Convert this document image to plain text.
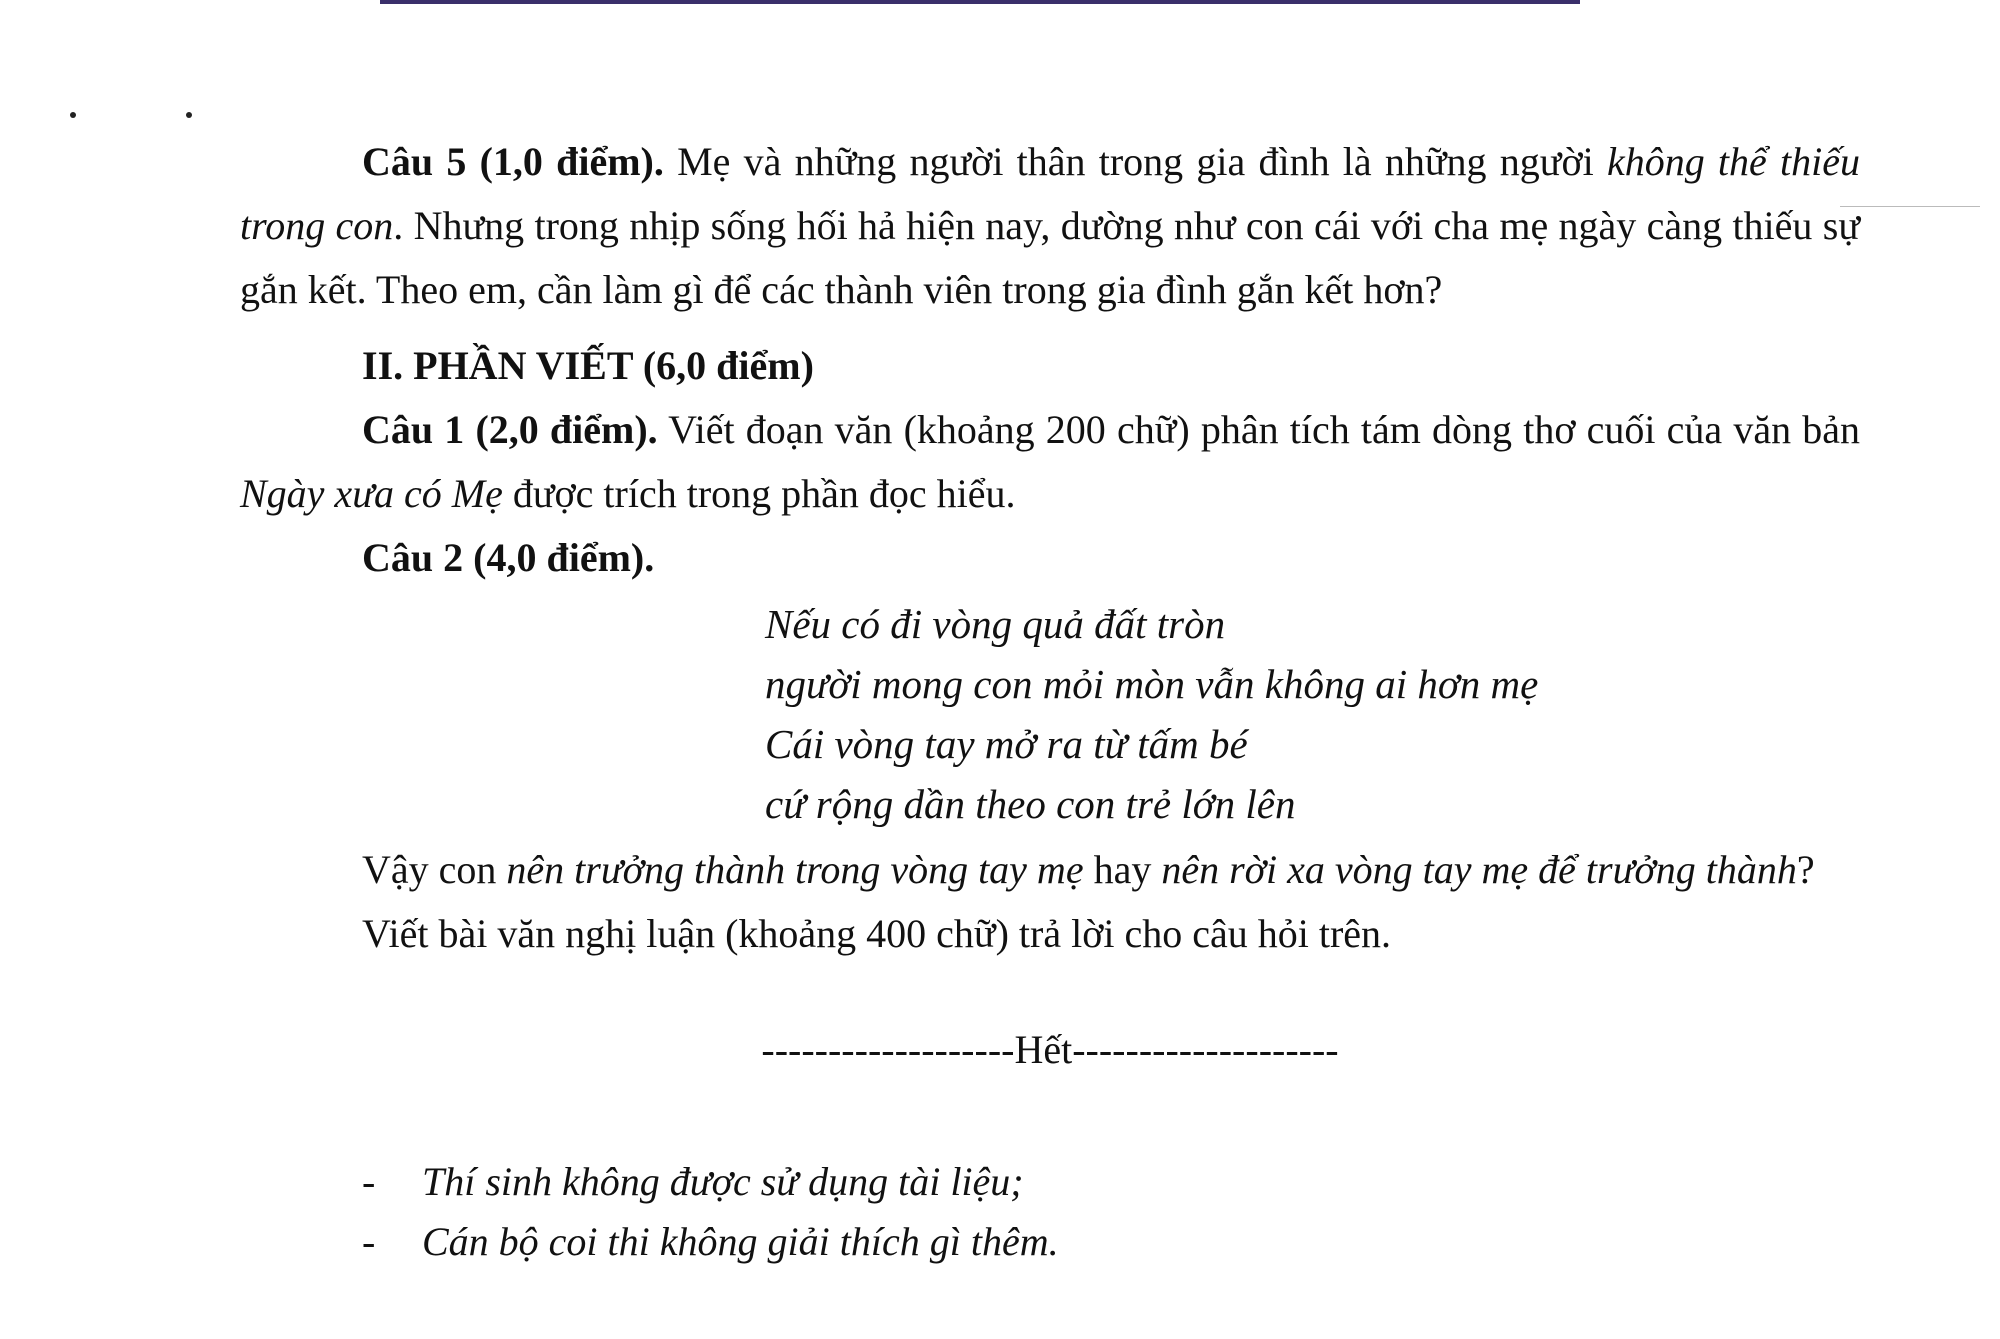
Câu 5 (1,0 điểm). Mẹ và những người thân trong gia đình là những người không thể thiếu trong con. Nhưng trong nhịp sống hối hả hiện nay, dường như con cái với cha mẹ ngày càng thiếu sự gắn kết. Theo em, cần làm gì để các thành viên trong gia đình gắn kết hơn?

II. PHẦN VIẾT (6,0 điểm)

Câu 1 (2,0 điểm). Viết đoạn văn (khoảng 200 chữ) phân tích tám dòng thơ cuối của văn bản Ngày xưa có Mẹ được trích trong phần đọc hiểu.

Câu 2 (4,0 điểm).
Nếu có đi vòng quả đất tròn
người mong con mỏi mòn vẫn không ai hơn mẹ
Cái vòng tay mở ra từ tấm bé
cứ rộng dần theo con trẻ lớn lên
Vậy con nên trưởng thành trong vòng tay mẹ hay nên rời xa vòng tay mẹ để trưởng thành?
Viết bài văn nghị luận (khoảng 400 chữ) trả lời cho câu hỏi trên.
-------------------Hết--------------------
- Thí sinh không được sử dụng tài liệu;
- Cán bộ coi thi không giải thích gì thêm.
